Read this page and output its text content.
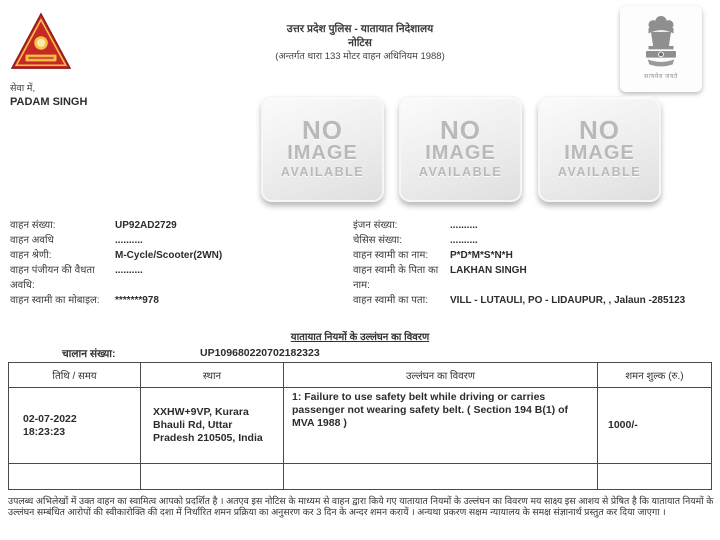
उत्तर प्रदेश पुलिस - यातायात निदेशालय
नोटिस
(अन्तर्गत धारा 133 मोटर वाहन अधिनियम 1988)
सत्यमेव जयते
सेवा में,
PADAM SINGH
NO
IMAGE
AVAILABLE
NO
IMAGE
AVAILABLE
NO
IMAGE
AVAILABLE
वाहन संख्या:	UP92AD2729
वाहन अवधि	..........
वाहन श्रेणी:	M-Cycle/Scooter(2WN)
वाहन पंजीयन की वैधता अवधि:
..........
वाहन स्वामी का मोबाइल:	*******978
इंजन संख्या:	..........
चेसिस संख्या:	..........
वाहन स्वामी का नाम:	P*D*M*S*N*H
वाहन स्वामी के पिता का नाम:
LAKHAN SINGH
वाहन स्वामी का पता:	VILL - LUTAULI, PO - LIDAUPUR, , Jalaun -285123
यातायात नियमों के उल्लंघन का विवरण
चालान संख्या:	UP109680220702182323
तिथि / समय	स्थान	उल्लंघन का विवरण	शमन शुल्क (रु.)

02-07-2022
18:23:23	XXHW+9VP, Kurara Bhauli Rd, Uttar Pradesh 210505, India	1: Failure to use safety belt while driving or carries passenger not wearing safety belt. ( Section 194 B(1) of MVA 1988 )	1000/-

उपलब्ध अभिलेखों में उक्त वाहन का स्वामित्व आपको प्रदर्शित है । अतएव इस नोटिस के माध्यम से वाहन द्वारा किये गए यातायात नियमों के उल्लंघन का विवरण मय साक्ष्य इस आशय से प्रेषित है कि यातायात नियमों के उल्लंघन सम्बंधित आरोपों की स्वीकारोक्ति की दशा में निर्धारित शमन प्रक्रिया का अनुसरण कर 3 दिन के अन्दर शमन करायें । अन्यथा प्रकरण सक्षम न्यायालय के समक्ष संज्ञानार्थ प्रस्तुत कर दिया जाएगा ।
